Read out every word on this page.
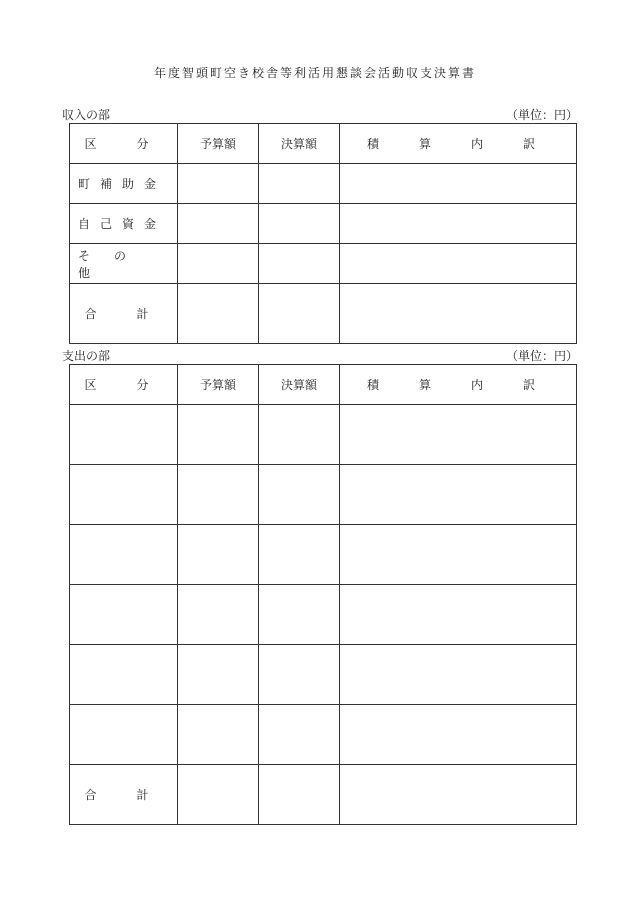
年度智頭町空き校舎等利活用懇談会活動収支決算書
収入の部	（単位：円）
区　分	予算額	決算額	積　算　内　訳
町補助金			
自己資金			
その他			
合　計			
支出の部	（単位：円）
区　分	予算額	決算額	積　算　内　訳

合　計			
